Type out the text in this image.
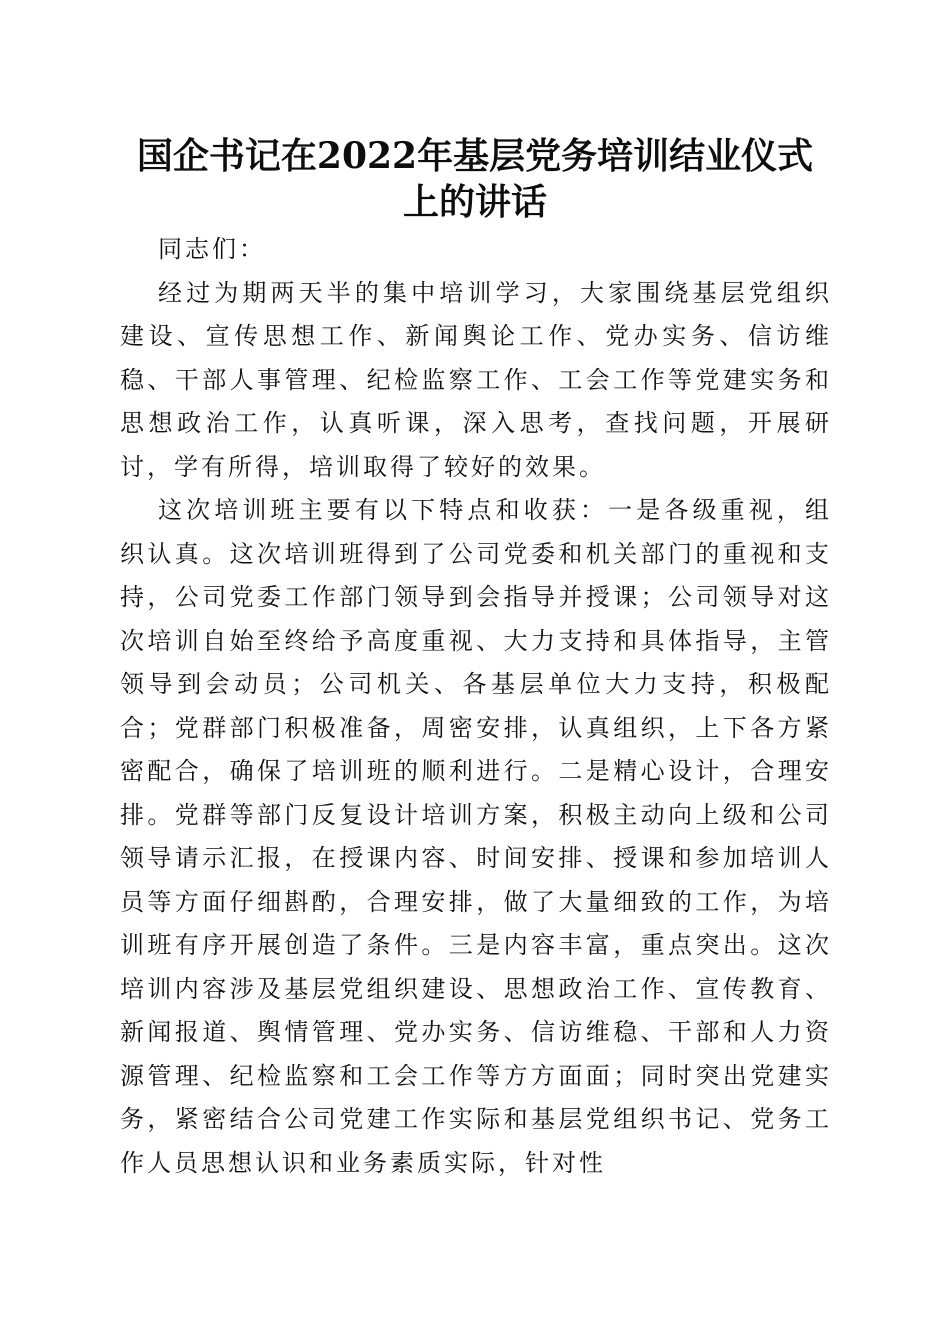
国企书记在2022年基层党务培训结业仪式上的讲话

同志们：

经过为期两天半的集中培训学习，大家围绕基层党组织建设、宣传思想工作、新闻舆论工作、党办实务、信访维稳、干部人事管理、纪检监察工作、工会工作等党建实务和思想政治工作，认真听课，深入思考，查找问题，开展研讨，学有所得，培训取得了较好的效果。

这次培训班主要有以下特点和收获：一是各级重视，组织认真。这次培训班得到了公司党委和机关部门的重视和支持，公司党委工作部门领导到会指导并授课；公司领导对这次培训自始至终给予高度重视、大力支持和具体指导，主管领导到会动员；公司机关、各基层单位大力支持，积极配合；党群部门积极准备，周密安排，认真组织，上下各方紧密配合，确保了培训班的顺利进行。二是精心设计，合理安排。党群等部门反复设计培训方案，积极主动向上级和公司领导请示汇报，在授课内容、时间安排、授课和参加培训人员等方面仔细斟酌，合理安排，做了大量细致的工作，为培训班有序开展创造了条件。三是内容丰富，重点突出。这次培训内容涉及基层党组织建设、思想政治工作、宣传教育、新闻报道、舆情管理、党办实务、信访维稳、干部和人力资源管理、纪检监察和工会工作等方方面面；同时突出党建实务，紧密结合公司党建工作实际和基层党组织书记、党务工作人员思想认识和业务素质实际，针对性
